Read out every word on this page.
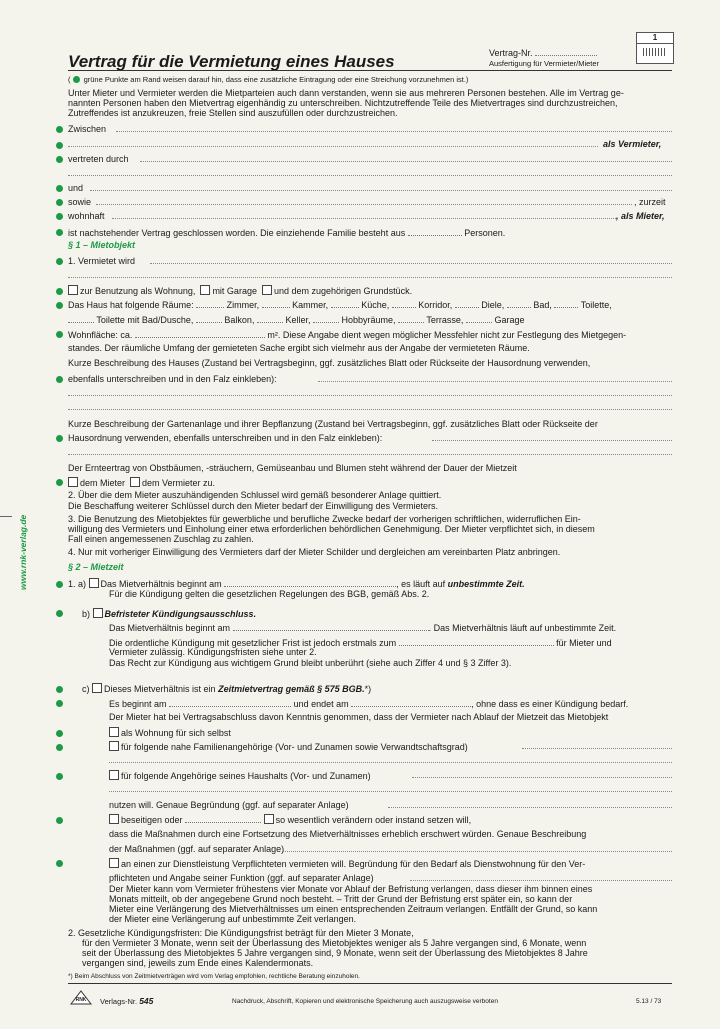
Vertrag für die Vermietung eines Hauses	Vertrag-Nr.
Ausfertigung für Vermieter/Mieter
1
( grüne Punkte am Rand weisen darauf hin, dass eine zusätzliche Eintragung oder eine Streichung vorzunehmen ist.)
Unter Mieter und Vermieter werden die Mietparteien auch dann verstanden, wenn sie aus mehreren Personen bestehen. Alle im Vertrag ge-
nannten Personen haben den Mietvertrag eigenhändig zu unterschreiben. Nichtzutreffende Teile des Mietvertrages sind durchzustreichen,
Zutreffendes ist anzukreuzen, freie Stellen sind auszufüllen oder durchzustreichen.
Zwischen
als Vermieter,
vertreten durch
und
sowie	, zurzeit
wohnhaft	, als Mieter,
ist nachstehender Vertrag geschlossen worden. Die einziehende Familie besteht aus	Personen.
§ 1 – Mietobjekt
1. Vermietet wird
zur Benutzung als Wohnung, mit Garage und dem zugehörigen Grundstück.
Das Haus hat folgende Räume:	Zimmer,	Kammer,	Küche,	Korridor,	Diele,	Bad,	Toilette,
Toilette mit Bad/Dusche,	Balkon,	Keller,	Hobbyräume,	Terrasse,	Garage
Wohnfläche: ca.	m². Diese Angabe dient wegen möglicher Messfehler nicht zur Festlegung des Mietgegen-
standes. Der räumliche Umfang der gemieteten Sache ergibt sich vielmehr aus der Angabe der vermieteten Räume.
Kurze Beschreibung des Hauses (Zustand bei Vertragsbeginn, ggf. zusätzliches Blatt oder Rückseite der Hausordnung verwenden,
ebenfalls unterschreiben und in den Falz einkleben):
Kurze Beschreibung der Gartenanlage und ihrer Bepflanzung (Zustand bei Vertragsbeginn, ggf. zusätzliches Blatt oder Rückseite der
Hausordnung verwenden, ebenfalls unterschreiben und in den Falz einkleben):
Der Ernteertrag von Obstbäumen, -sträuchern, Gemüseanbau und Blumen steht während der Dauer der Mietzeit
dem Mieter dem Vermieter zu.
2. Über die dem Mieter auszuhändigenden Schlussel wird gemäß besonderer Anlage quittiert.
Die Beschaffung weiterer Schlüssel durch den Mieter bedarf der Einwilligung des Vermieters.
3. Die Benutzung des Mietobjektes für gewerbliche und berufliche Zwecke bedarf der vorherigen schriftlichen, widerruflichen Ein-
willigung des Vermieters und Einholung einer etwa erforderlichen behördlichen Genehmigung. Der Mieter verpflichtet sich, in diesem
Fall einen angemessenen Zuschlag zu zahlen.
4. Nur mit vorheriger Einwilligung des Vermieters darf der Mieter Schilder und dergleichen am vereinbarten Platz anbringen.
§ 2 – Mietzeit
1. a) Das Mietverhältnis beginnt am	, es läuft auf unbestimmte Zeit.
Für die Kündigung gelten die gesetzlichen Regelungen des BGB, gemäß Abs. 2.
b) Befristeter Kündigungsausschluss.
Das Mietverhältnis beginnt am	. Das Mietverhältnis läuft auf unbestimmte Zeit.
Die ordentliche Kündigung mit gesetzlicher Frist ist jedoch erstmals zum	für Mieter und
Vermieter zulässig. Kündigungsfristen siehe unter 2.
Das Recht zur Kündigung aus wichtigem Grund bleibt unberührt (siehe auch Ziffer 4 und § 3 Ziffer 3).
c) Dieses Mietverhältnis ist ein Zeitmietvertrag gemäß § 575 BGB.*)
Es beginnt am	und endet am	, ohne dass es einer Kündigung bedarf.
Der Mieter hat bei Vertragsabschluss davon Kenntnis genommen, dass der Vermieter nach Ablauf der Mietzeit das Mietobjekt
als Wohnung für sich selbst
für folgende nahe Familienangehörige (Vor- und Zunamen sowie Verwandtschaftsgrad)
für folgende Angehörige seines Haushalts (Vor- und Zunamen)
nutzen will. Genaue Begründung (ggf. auf separater Anlage)
beseitigen oder	so wesentlich verändern oder instand setzen will,
dass die Maßnahmen durch eine Fortsetzung des Mietverhältnisses erheblich erschwert würden. Genaue Beschreibung
der Maßnahmen (ggf. auf separater Anlage)
an einen zur Dienstleistung Verpflichteten vermieten will. Begründung für den Bedarf als Dienstwohnung für den Ver-
pflichteten und Angabe seiner Funktion (ggf. auf separater Anlage)
Der Mieter kann vom Vermieter frühestens vier Monate vor Ablauf der Befristung verlangen, dass dieser ihm binnen eines
Monats mitteilt, ob der angegebene Grund noch besteht. – Tritt der Grund der Befristung erst später ein, so kann der
Mieter eine Verlängerung des Mietverhältnisses um einen entsprechenden Zeitraum verlangen. Entfällt der Grund, so kann
der Mieter eine Verlängerung auf unbestimmte Zeit verlangen.
2. Gesetzliche Kündigungsfristen: Die Kündigungsfrist beträgt für den Mieter 3 Monate,
für den Vermieter 3 Monate, wenn seit der Überlassung des Mietobjektes weniger als 5 Jahre vergangen sind, 6 Monate, wenn
seit der Überlassung des Mietobjektes 5 Jahre vergangen sind, 9 Monate, wenn seit der Überlassung des Mietobjektes 8 Jahre
vergangen sind, jeweils zum Ende eines Kalendermonats.
*) Beim Abschluss von Zeitmietverträgen wird vom Verlag empfohlen, rechtliche Beratung einzuholen.
RNK	Verlags-Nr. 545	Nachdruck, Abschrift, Kopieren und elektronische Speicherung auch auszugsweise verboten	5.13 / 73
www.rnk-verlag.de
